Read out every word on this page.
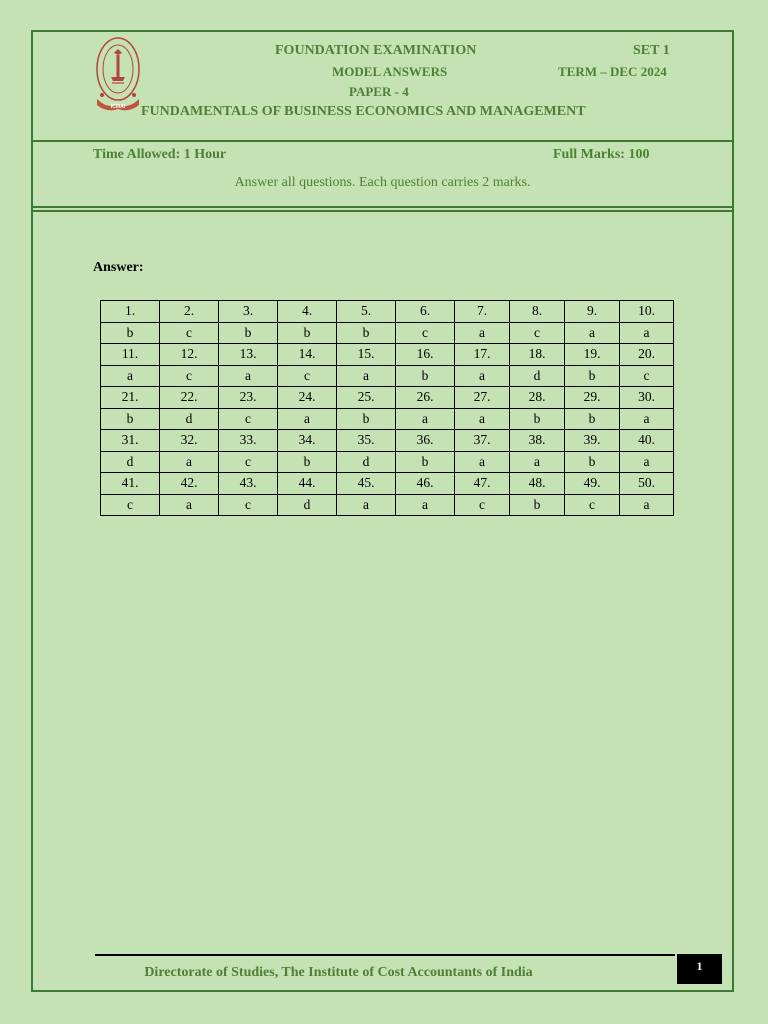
ICMAI
FOUNDATION EXAMINATION	SET 1
MODEL ANSWERS	TERM – DEC 2024
PAPER - 4
FUNDAMENTALS OF BUSINESS ECONOMICS AND MANAGEMENT
Time Allowed: 1 Hour	Full Marks: 100
Answer all questions. Each question carries 2 marks.
Answer:
1.	2.	3.	4.	5.	6.	7.	8.	9.	10.
b	c	b	b	b	c	a	c	a	a
11.	12.	13.	14.	15.	16.	17.	18.	19.	20.
a	c	a	c	a	b	a	d	b	c
21.	22.	23.	24.	25.	26.	27.	28.	29.	30.
b	d	c	a	b	a	a	b	b	a
31.	32.	33.	34.	35.	36.	37.	38.	39.	40.
d	a	c	b	d	b	a	a	b	a
41.	42.	43.	44.	45.	46.	47.	48.	49.	50.
c	a	c	d	a	a	c	b	c	a
Directorate of Studies, The Institute of Cost Accountants of India	1
